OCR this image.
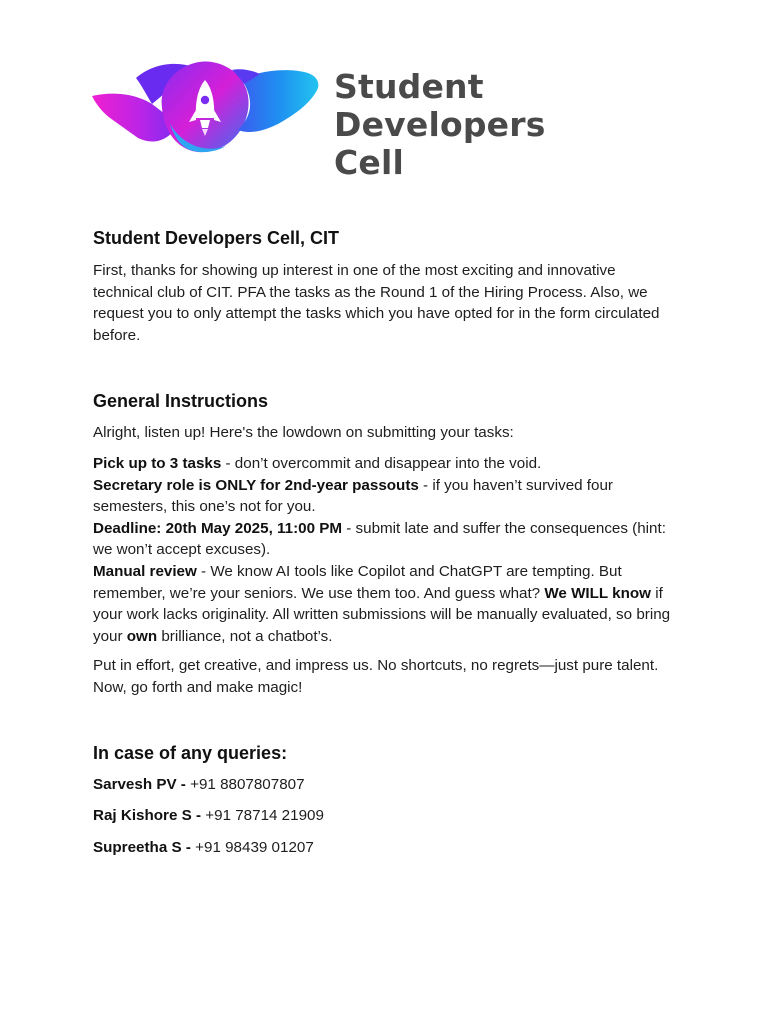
Student Developers
Cell
Student Developers Cell, CIT

First, thanks for showing up interest in one of the most exciting and innovative technical club of CIT. PFA the tasks as the Round 1 of the Hiring Process. Also, we request you to only attempt the tasks which you have opted for in the form circulated before.

General Instructions

Alright, listen up! Here's the lowdown on submitting your tasks:

Pick up to 3 tasks - don’t overcommit and disappear into the void.
Secretary role is ONLY for 2nd-year passouts - if you haven’t survived four semesters, this one’s not for you.
Deadline: 20th May 2025, 11:00 PM - submit late and suffer the consequences (hint: we won’t accept excuses).
Manual review - We know AI tools like Copilot and ChatGPT are tempting. But remember, we’re your seniors. We use them too. And guess what? We WILL know if your work lacks originality. All written submissions will be manually evaluated, so bring your own brilliance, not a chatbot’s.

Put in effort, get creative, and impress us. No shortcuts, no regrets—just pure talent. Now, go forth and make magic!

In case of any queries:

Sarvesh PV - +91 8807807807

Raj Kishore S - +91 78714 21909

Supreetha S - +91 98439 01207
